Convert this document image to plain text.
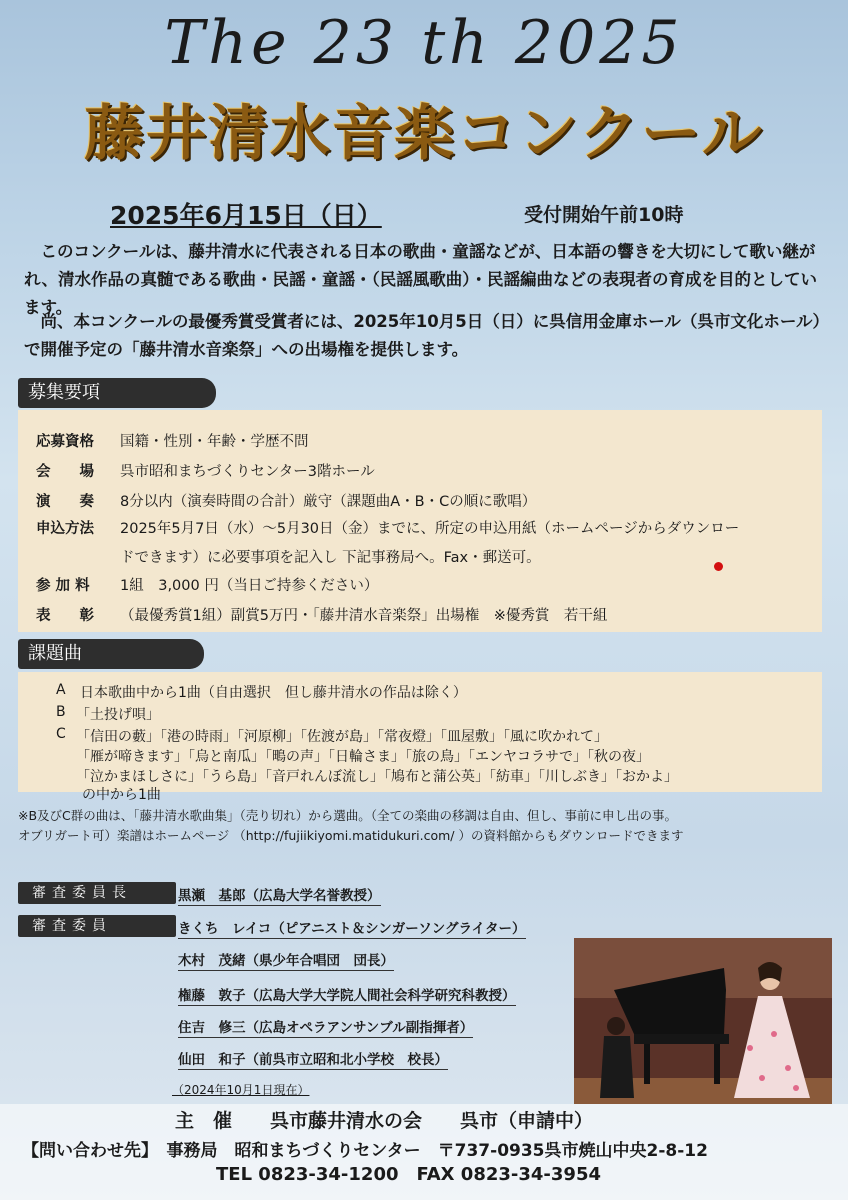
The 23 th 2025
藤井清水音楽コンクール
2025年6月15日（日）	受付開始午前10時
このコンクールは、藤井清水に代表される日本の歌曲・童謡などが、日本語の響きを大切にして歌い継がれ、清水作品の真髄である歌曲・民謡・童謡・（民謡風歌曲）・民謡編曲などの表現者の育成を目的としています。
尚、本コンクールの最優秀賞受賞者には、2025年10月5日（日）に呉信用金庫ホール（呉市文化ホール）で開催予定の「藤井清水音楽祭」への出場権を提供します。
募集要項
応募資格	国籍・性別・年齢・学歴不問
会　　場	呉市昭和まちづくりセンター3階ホール
演　　奏	8分以内（演奏時間の合計）厳守（課題曲A・B・Cの順に歌唱）
申込方法	2025年5月7日（水）～5月30日（金）までに、所定の申込用紙（ホームページからダウンロー
ドできます）に必要事項を記入し 下記事務局へ。Fax・郵送可。
参 加 料	1組　3,000 円（当日ご持参ください）
表　　彰	（最優秀賞1組）副賞5万円・「藤井清水音楽祭」出場権　※優秀賞　若干組
課題曲
A 日本歌曲中から1曲（自由選択　但し藤井清水の作品は除く）
B 「土投げ唄」
C 「信田の藪」「港の時雨」「河原柳」「佐渡が島」「常夜燈」「皿屋敷」「風に吹かれて」
「雁が啼きます」「烏と南瓜」「鴫の声」「日輪さま」「旅の鳥」「エンヤコラサで」「秋の夜」
「泣かまほしさに」「うら島」「音戸れんぼ流し」「鳩布と蒲公英」「紡車」「川しぶき」「おかよ」
の中から1曲
※B及びC群の曲は、「藤井清水歌曲集」（売り切れ）から選曲。（全ての楽曲の移調は自由、但し、事前に申し出の事。
オブリガート可）楽譜はホームページ （http://fujiikiyomi.matidukuri.com/ ）の資料館からもダウンロードできます
審査委員長	黒瀬　基郎（広島大学名誉教授）
審査委員	きくち　レイコ（ピアニスト＆シンガーソングライター）
木村　茂緒（県少年合唱団　団長）
権藤　敦子（広島大学大学院人間社会科学研究科教授）
住吉　修三（広島オペラアンサンブル副指揮者）
仙田　和子（前呉市立昭和北小学校　校長）
（2024年10月1日現在）
主　催　　呉市藤井清水の会　　呉市（申請中）
【問い合わせ先】　事務局　昭和まちづくりセンター　〒737-0935呉市焼山中央2-8-12
TEL 0823-34-1200　FAX 0823-34-3954
